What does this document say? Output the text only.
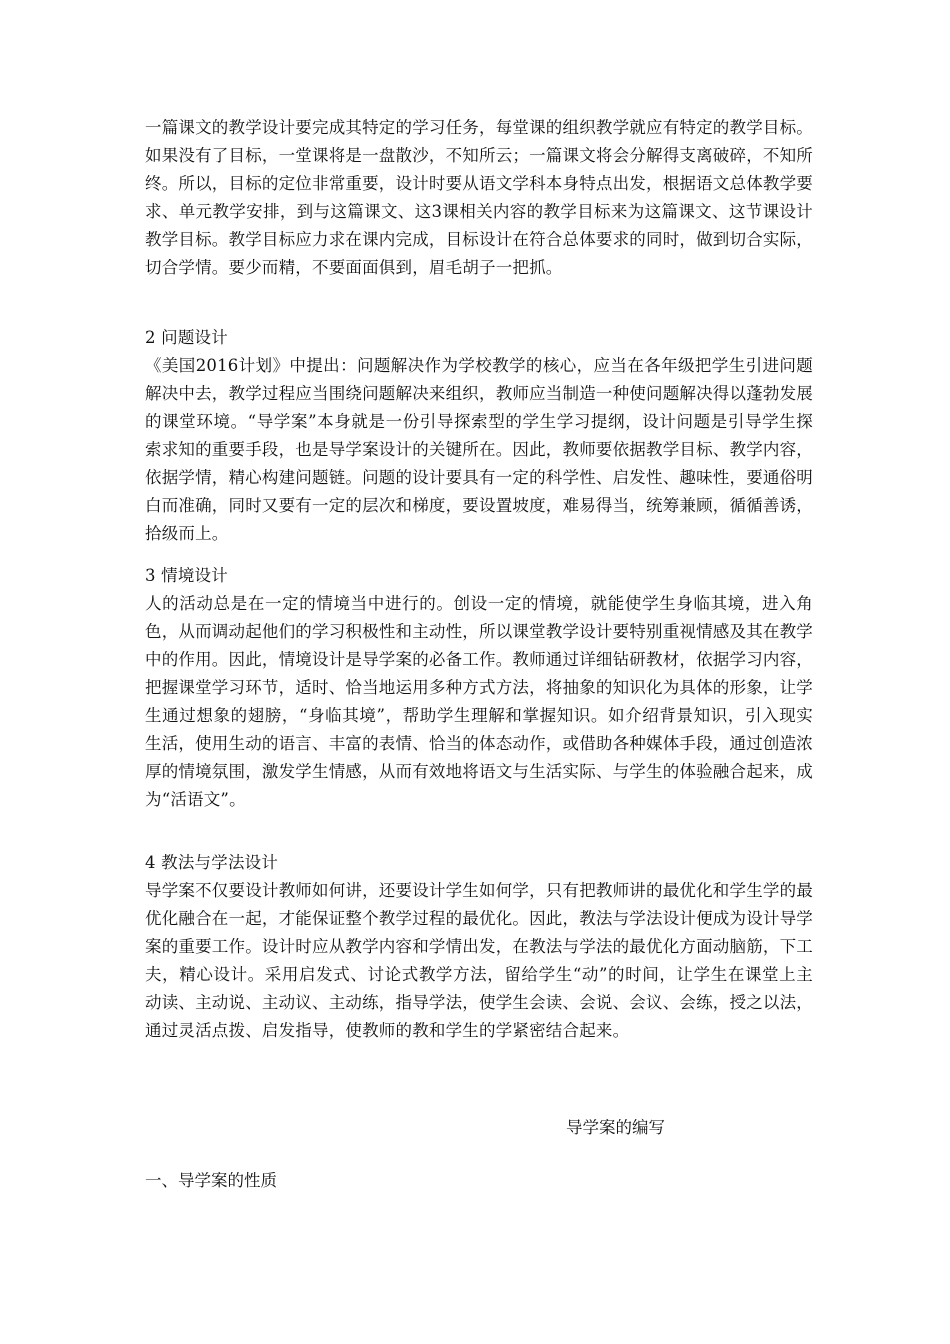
一篇课文的教学设计要完成其特定的学习任务，每堂课的组织教学就应有特定的教学目标。如果没有了目标，一堂课将是一盘散沙，不知所云；一篇课文将会分解得支离破碎，不知所终。所以，目标的定位非常重要，设计时要从语文学科本身特点出发，根据语文总体教学要求、单元教学安排，到与这篇课文、这3课相关内容的教学目标来为这篇课文、这节课设计教学目标。教学目标应力求在课内完成，目标设计在符合总体要求的同时，做到切合实际，切合学情。要少而精，不要面面俱到，眉毛胡子一把抓。
2 问题设计
《美国2016计划》中提出：问题解决作为学校教学的核心，应当在各年级把学生引进问题解决中去，教学过程应当围绕问题解决来组织，教师应当制造一种使问题解决得以蓬勃发展的课堂环境。“导学案”本身就是一份引导探索型的学生学习提纲，设计问题是引导学生探索求知的重要手段，也是导学案设计的关键所在。因此，教师要依据教学目标、教学内容，依据学情，精心构建问题链。问题的设计要具有一定的科学性、启发性、趣味性，要通俗明白而准确，同时又要有一定的层次和梯度，要设置坡度，难易得当，统筹兼顾，循循善诱，拾级而上。
3 情境设计
人的活动总是在一定的情境当中进行的。创设一定的情境，就能使学生身临其境，进入角色，从而调动起他们的学习积极性和主动性，所以课堂教学设计要特别重视情感及其在教学中的作用。因此，情境设计是导学案的必备工作。教师通过详细钻研教材，依据学习内容，把握课堂学习环节，适时、恰当地运用多种方式方法，将抽象的知识化为具体的形象，让学生通过想象的翅膀，“身临其境”，帮助学生理解和掌握知识。如介绍背景知识，引入现实生活，使用生动的语言、丰富的表情、恰当的体态动作，或借助各种媒体手段，通过创造浓厚的情境氛围，激发学生情感，从而有效地将语文与生活实际、与学生的体验融合起来，成为“活语文”。
4 教法与学法设计
导学案不仅要设计教师如何讲，还要设计学生如何学，只有把教师讲的最优化和学生学的最优化融合在一起，才能保证整个教学过程的最优化。因此，教法与学法设计便成为设计导学案的重要工作。设计时应从教学内容和学情出发，在教法与学法的最优化方面动脑筋，下工夫，精心设计。采用启发式、讨论式教学方法，留给学生“动”的时间，让学生在课堂上主动读、主动说、主动议、主动练，指导学法，使学生会读、会说、会议、会练，授之以法，通过灵活点拨、启发指导，使教师的教和学生的学紧密结合起来。
导学案的编写
一、导学案的性质
